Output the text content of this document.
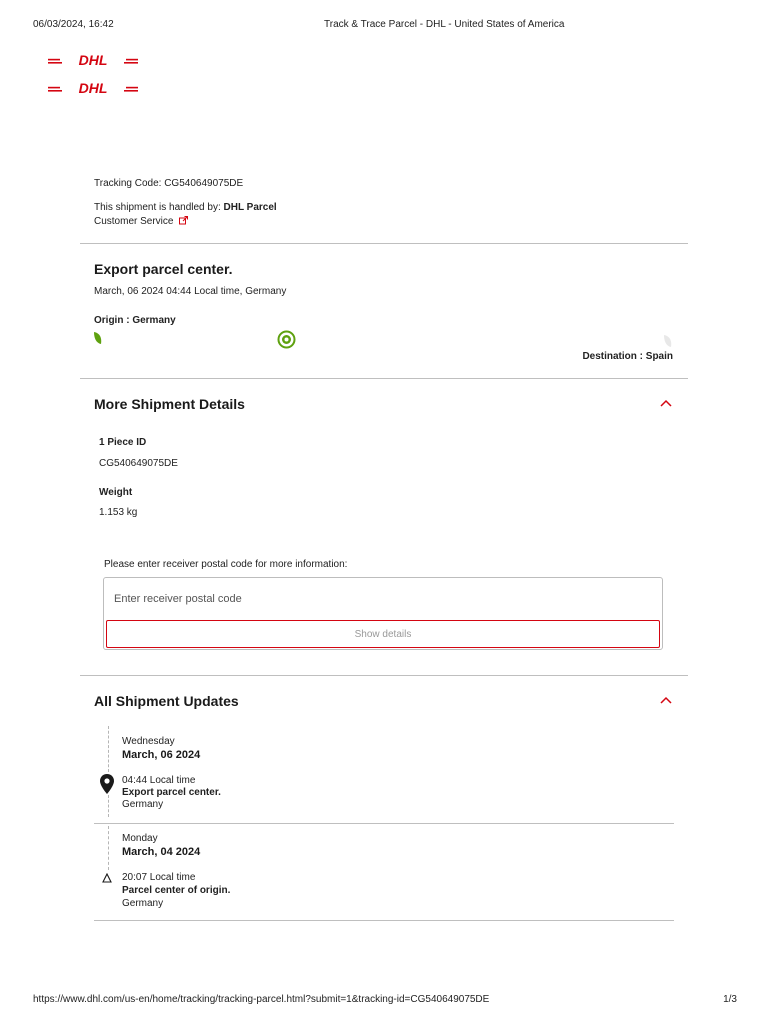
06/03/2024, 16:42	Track & Trace Parcel - DHL - United States of America
DHL
DHL
Tracking Code: CG540649075DE
This shipment is handled by: DHL Parcel
Customer Service
Export parcel center.
March, 06 2024 04:44 Local time, Germany
Origin : Germany
Destination : Spain
More Shipment Details
1 Piece ID
CG540649075DE
Weight
1.153 kg
Please enter receiver postal code for more information:
Enter receiver postal code
Show details
All Shipment Updates
Wednesday
March, 06 2024
04:44 Local time
Export parcel center.
Germany
Monday
March, 04 2024
20:07 Local time
Parcel center of origin.
Germany
https://www.dhl.com/us-en/home/tracking/tracking-parcel.html?submit=1&tracking-id=CG540649075DE	1/3
